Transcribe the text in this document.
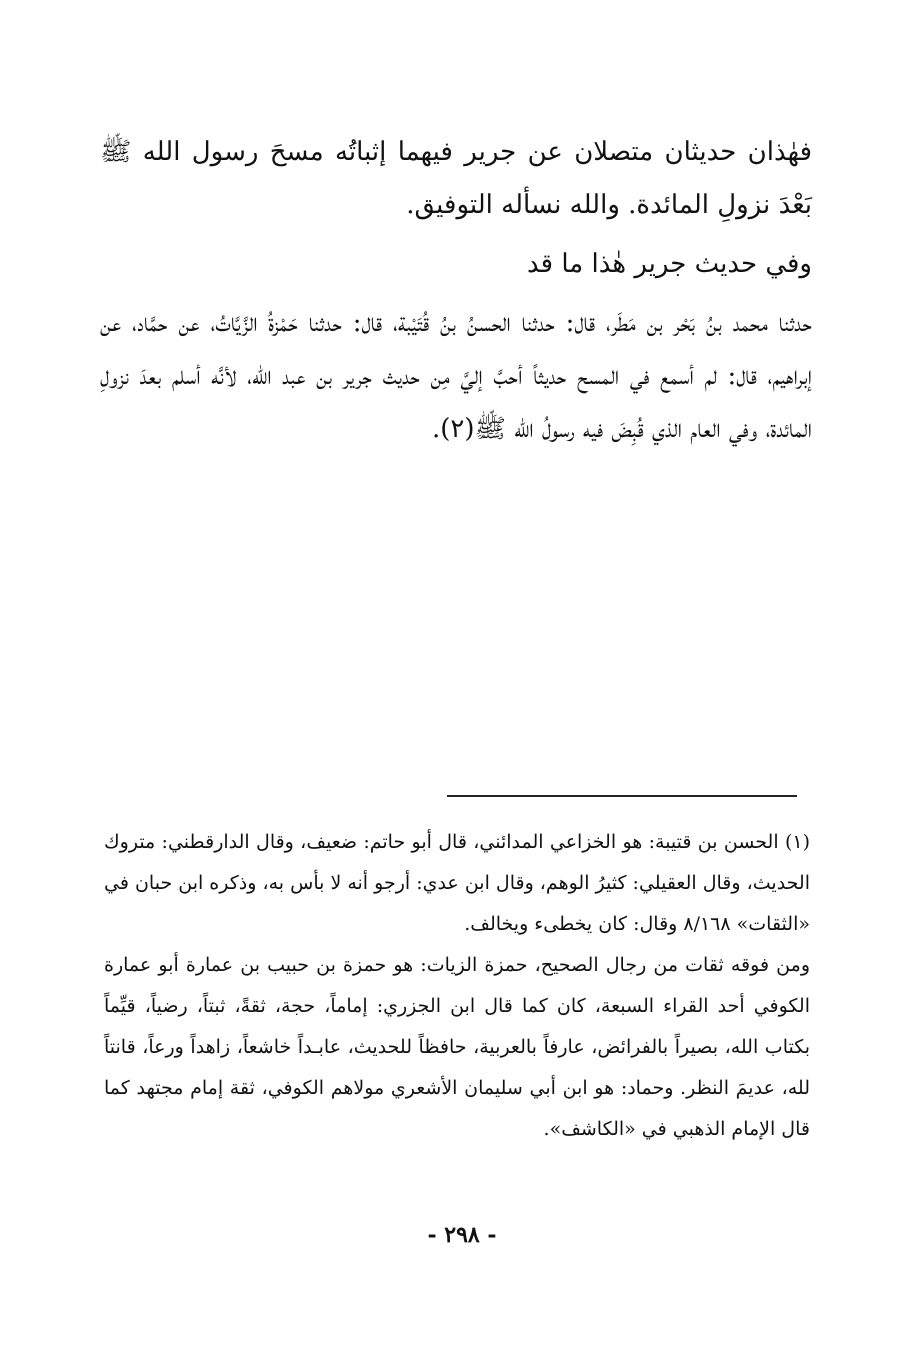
فهٰذان حديثان متصلان عن جرير فيهما إثباتُه مسحَ رسول الله ﷺ بَعْدَ نزولِ المائدة. والله نسأله التوفيق.

وفي حديث جرير هٰذا ما قد

حدثنا محمد بنُ بَحْر بن مَطَر، قال: حدثنا الحسنُ بنُ قُتَيْبة، قال: حدثنا حَمْزةُ الزَّيَّاتُ، عن حمَّاد، عن إبراهيم، قال: لم أسمع في المسح حديثاً أحبَّ إليَّ مِن حديث جرير بن عبد الله، لأنَّه أسلم بعدَ نزولِ المائدة، وفي العام الذي قُبِضَ فيه رسولُ الله ﷺ(٢).

(١) الحسن بن قتيبة: هو الخزاعي المدائني، قال أبو حاتم: ضعيف، وقال الدارقطني: متروك الحديث، وقال العقيلي: كثيرُ الوهم، وقال ابن عدي: أرجو أنه لا بأس به، وذكره ابن حبان في «الثقات» ٨/١٦٨ وقال: كان يخطىء ويخالف.

ومن فوقه ثقات من رجال الصحيح، حمزة الزيات: هو حمزة بن حبيب بن عمارة أبو عمارة الكوفي أحد القراء السبعة، كان كما قال ابن الجزري: إماماً، حجة، ثقةً، ثبتاً، رضياً، قيِّماً بكتاب الله، بصيراً بالفرائض، عارفاً بالعربية، حافظاً للحديث، عابـداً خاشعاً، زاهداً ورعاً، قانتاً لله، عديمَ النظر. وحماد: هو ابن أبي سليمان الأشعري مولاهم الكوفي، ثقة إمام مجتهد كما قال الإمام الذهبي في «الكاشف».

- ٢٩٨ -
